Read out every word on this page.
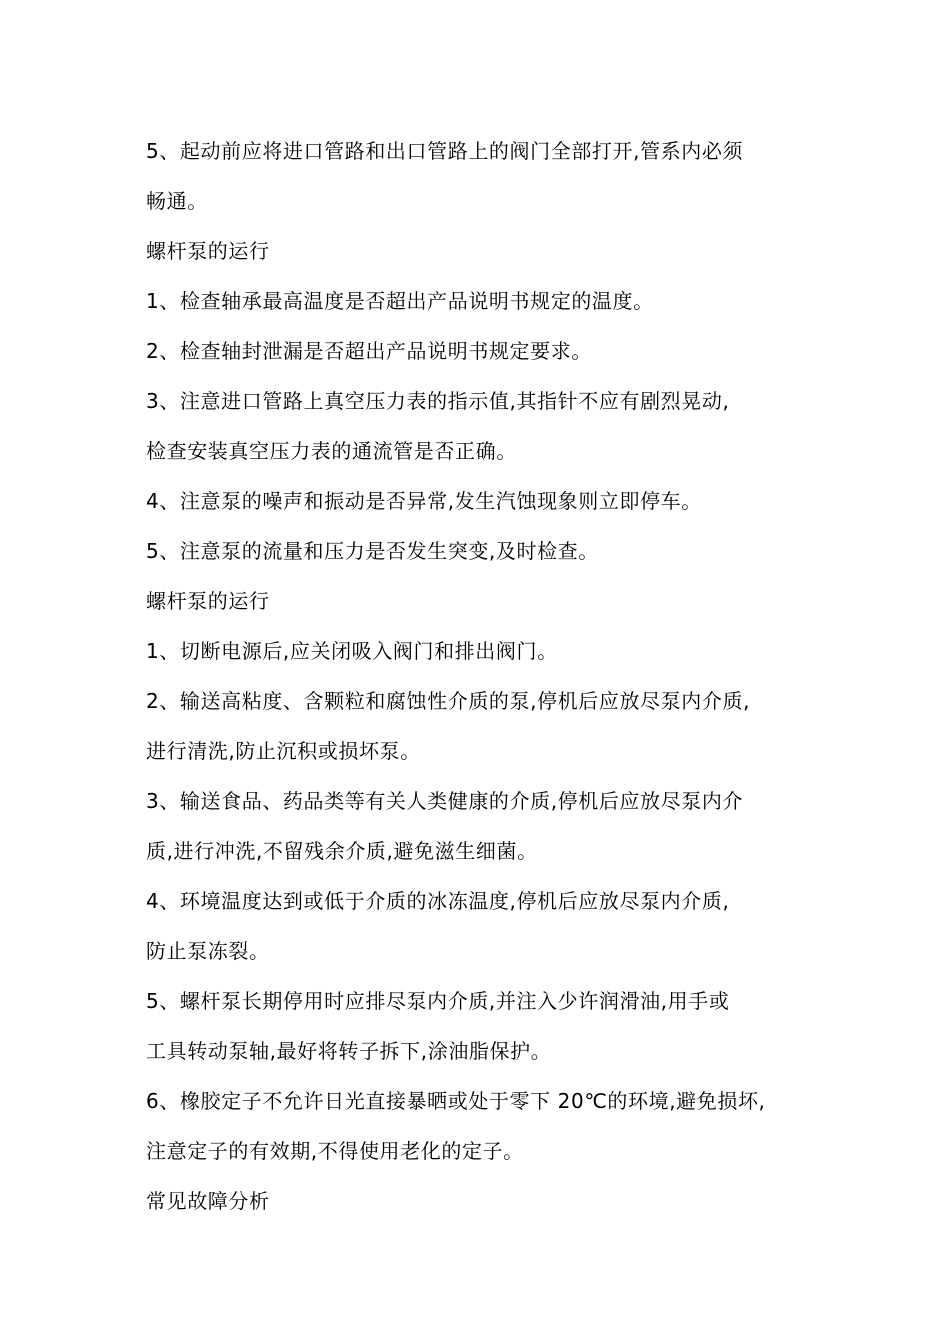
5、起动前应将进口管路和出口管路上的阀门全部打开,管系内必须
畅通。
螺杆泵的运行
1、检查轴承最高温度是否超出产品说明书规定的温度。
2、检查轴封泄漏是否超出产品说明书规定要求。
3、注意进口管路上真空压力表的指示值,其指针不应有剧烈晃动,
检查安装真空压力表的通流管是否正确。
4、注意泵的噪声和振动是否异常,发生汽蚀现象则立即停车。
5、注意泵的流量和压力是否发生突变,及时检查。
螺杆泵的运行
1、切断电源后,应关闭吸入阀门和排出阀门。
2、输送高粘度、含颗粒和腐蚀性介质的泵,停机后应放尽泵内介质,
进行清洗,防止沉积或损坏泵。
3、输送食品、药品类等有关人类健康的介质,停机后应放尽泵内介
质,进行冲洗,不留残余介质,避免滋生细菌。
4、环境温度达到或低于介质的冰冻温度,停机后应放尽泵内介质,
防止泵冻裂。
5、螺杆泵长期停用时应排尽泵内介质,并注入少许润滑油,用手或
工具转动泵轴,最好将转子拆下,涂油脂保护。
6、橡胶定子不允许日光直接暴晒或处于零下 20℃的环境,避免损坏,
注意定子的有效期,不得使用老化的定子。
常见故障分析
